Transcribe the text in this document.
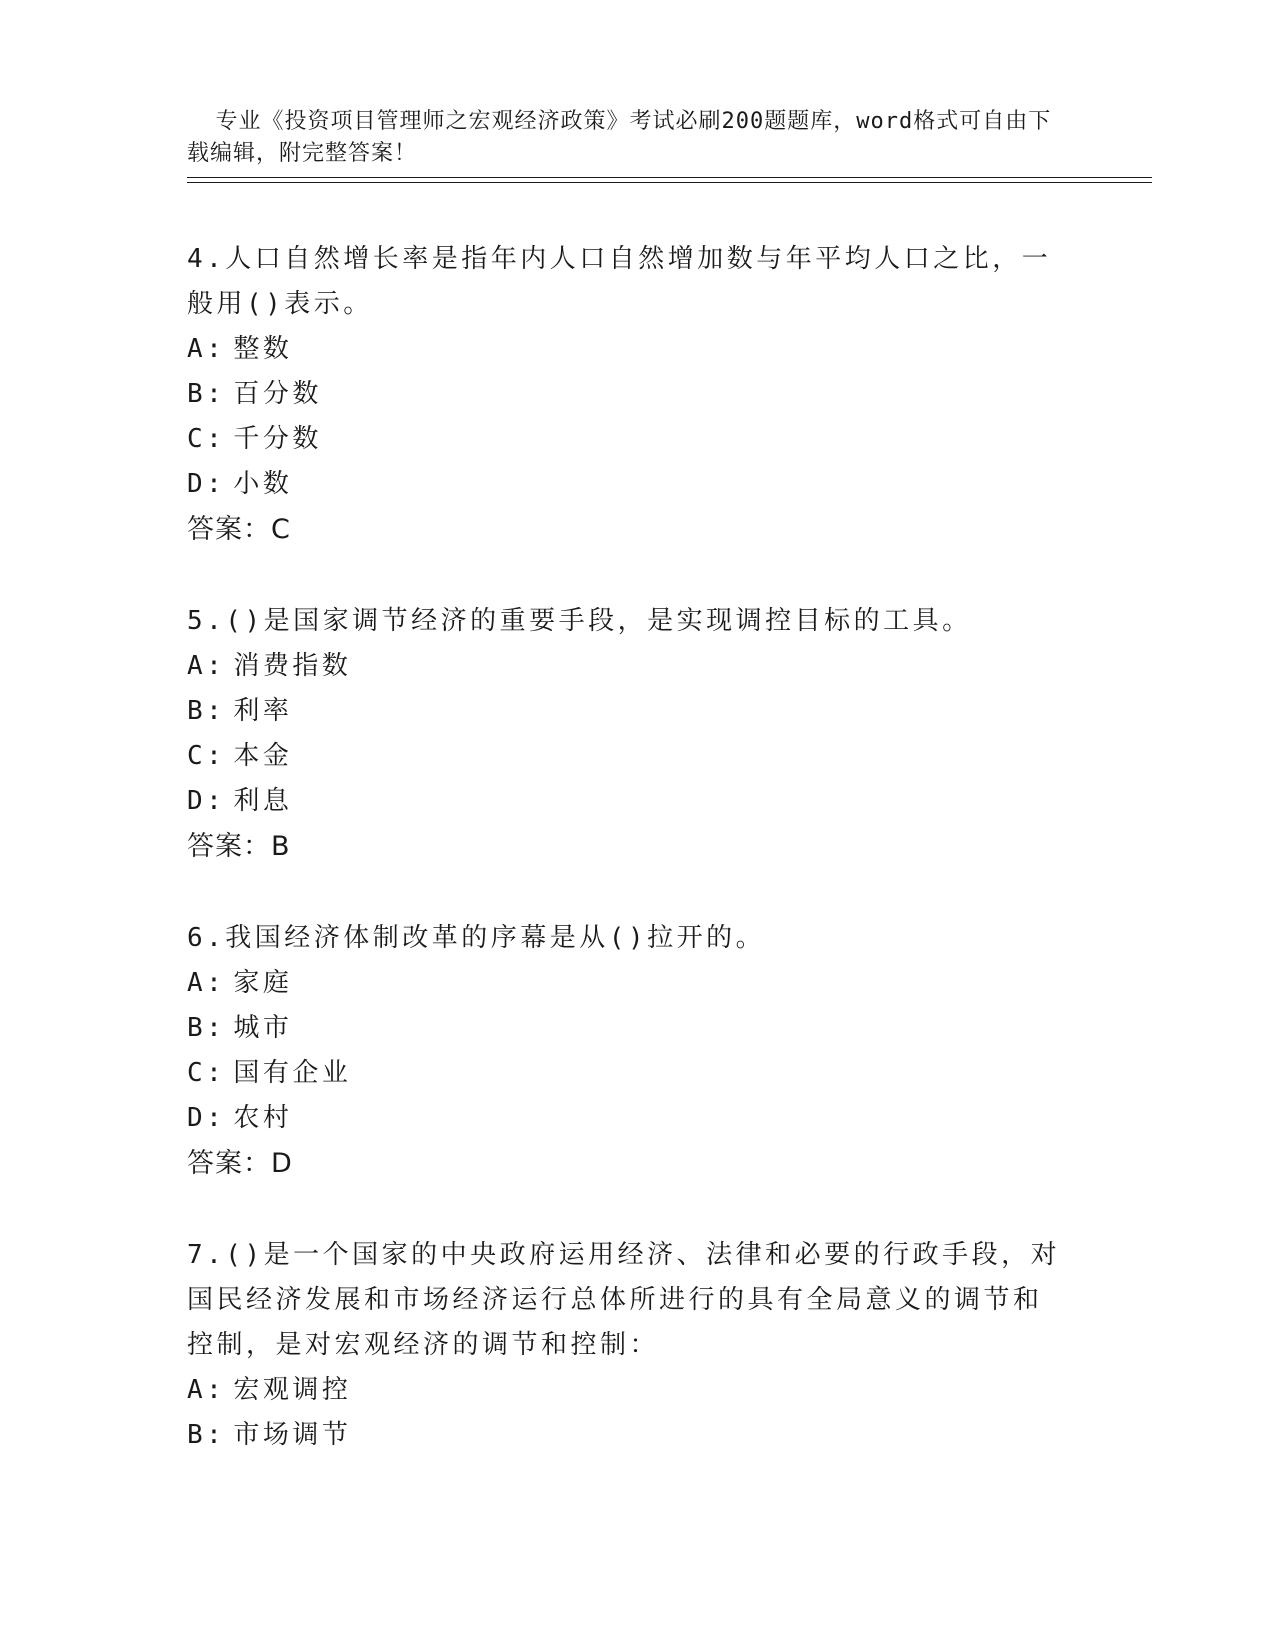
专业《投资项目管理师之宏观经济政策》考试必刷200题题库，word格式可自由下载编辑，附完整答案！

4.人口自然增长率是指年内人口自然增加数与年平均人口之比，一般用()表示。
A: 整数
B: 百分数
C: 千分数
D: 小数
答案：C
5.()是国家调节经济的重要手段，是实现调控目标的工具。
A: 消费指数
B: 利率
C: 本金
D: 利息
答案：B
6.我国经济体制改革的序幕是从()拉开的。
A: 家庭
B: 城市
C: 国有企业
D: 农村
答案：D
7.()是一个国家的中央政府运用经济、法律和必要的行政手段，对国民经济发展和市场经济运行总体所进行的具有全局意义的调节和控制，是对宏观经济的调节和控制：
A: 宏观调控
B: 市场调节
